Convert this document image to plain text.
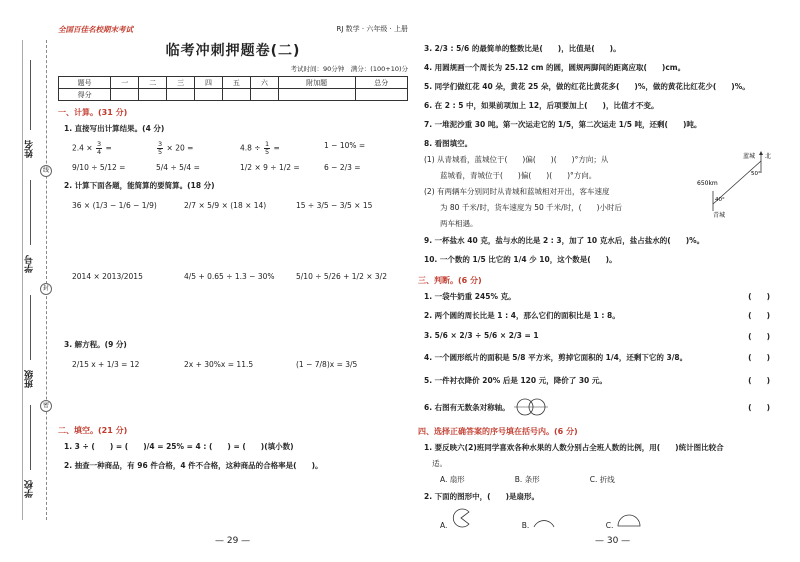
姓名
学号
班级
学校
线
封
密
全国百佳名校期末考试	RJ 数学 · 六年级 · 上册
临考冲刺押题卷(二)
考试时间：90分钟　满分：(100+10)分
题号	一	二	三	四	五	六	附加题	总分
得分								
一、计算。(31 分)
1. 直接写出计算结果。(4 分)
$2.4 \times \frac{3}{4}$ =	$\frac{3}{5} \times 20$ =	$4.8 \div \frac{1}{5}$ =	1 − 10% =
9/10 ÷ 5/12 =	5/4 ÷ 5/4 =	1/2 × 9 ÷ 1/2 =	6 − 2/3 =
2. 计算下面各题，能简算的要简算。(18 分)
36 × (1/3 − 1/6 − 1/9)	2/7 × 5/9 × (18 × 14)	15 ÷ 3/5 − 3/5 × 15
2014 × 2013/2015	4/5 + 0.65 ÷ 1.3 − 30%	5/10 ÷ 5/26 + 1/2 × 3/2
3. 解方程。(9 分)
2/15 x + 1/3 = 12	2x + 30%x = 11.5	(1 − 7/8)x = 3/5
二、填空。(21 分)
1. 3 ÷ (　　) = (　　)/4 = 25% = 4 : (　　) = (　　)(填小数)
2. 抽查一种商品，有 96 件合格，4 件不合格，这种商品的合格率是(　　)。
— 29 —
3. 2/3 : 5/6 的最简单的整数比是(　　)，比值是(　　)。
4. 用圆规画一个周长为 25.12 cm 的圆，圆规两脚间的距离应取(　　)cm。
5. 同学们做红花 40 朵，黄花 25 朵，做的红花比黄花多(　　)%，做的黄花比红花少(　　)%。
6. 在 2 : 5 中，如果前项加上 12，后项要加上(　　)，比值才不变。
7. 一堆泥沙重 30 吨。第一次运走它的 1/5，第二次运走 1/5 吨，还剩(　　)吨。
8. 看图填空。
(1) 从青城看，蓝城位于(　　)偏(　　)(　　)°方向；从
蓝城看，青城位于(　　)偏(　　)(　　)°方向。
(2) 有两辆车分别同时从青城和蓝城相对开出，客车速度
为 80 千米/时，货车速度为 50 千米/时，(　　)小时后
两车相遇。
蓝城 北
650km
50°
40°
青城
9. 一杯盐水 40 克，盐与水的比是 2 : 3，加了 10 克水后，盐占盐水的(　　)%。
10. 一个数的 1/5 比它的 1/4 少 10，这个数是(　　)。
三、判断。(6 分)
1. 一袋牛奶重 245% 克。	(　　)
2. 两个圆的周长比是 1 : 4，那么它们的面积比是 1 : 8。	(　　)
3. 5/6 × 2/3 ÷ 5/6 × 2/3 = 1	(　　)
4. 一个圆形纸片的面积是 5/8 平方米，剪掉它面积的 1/4，还剩下它的 3/8。	(　　)
5. 一件衬衣降价 20% 后是 120 元，降价了 30 元。	(　　)
6. 右图有无数条对称轴。	(　　)
四、选择正确答案的序号填在括号内。(6 分)
1. 要反映六(2)班同学喜欢各种水果的人数分别占全班人数的比例，用(　　)统计图比较合
适。
A. 扇形	B. 条形	C. 折线
2. 下面的图形中，(　　)是扇形。
A.	B.	C.
— 30 —
